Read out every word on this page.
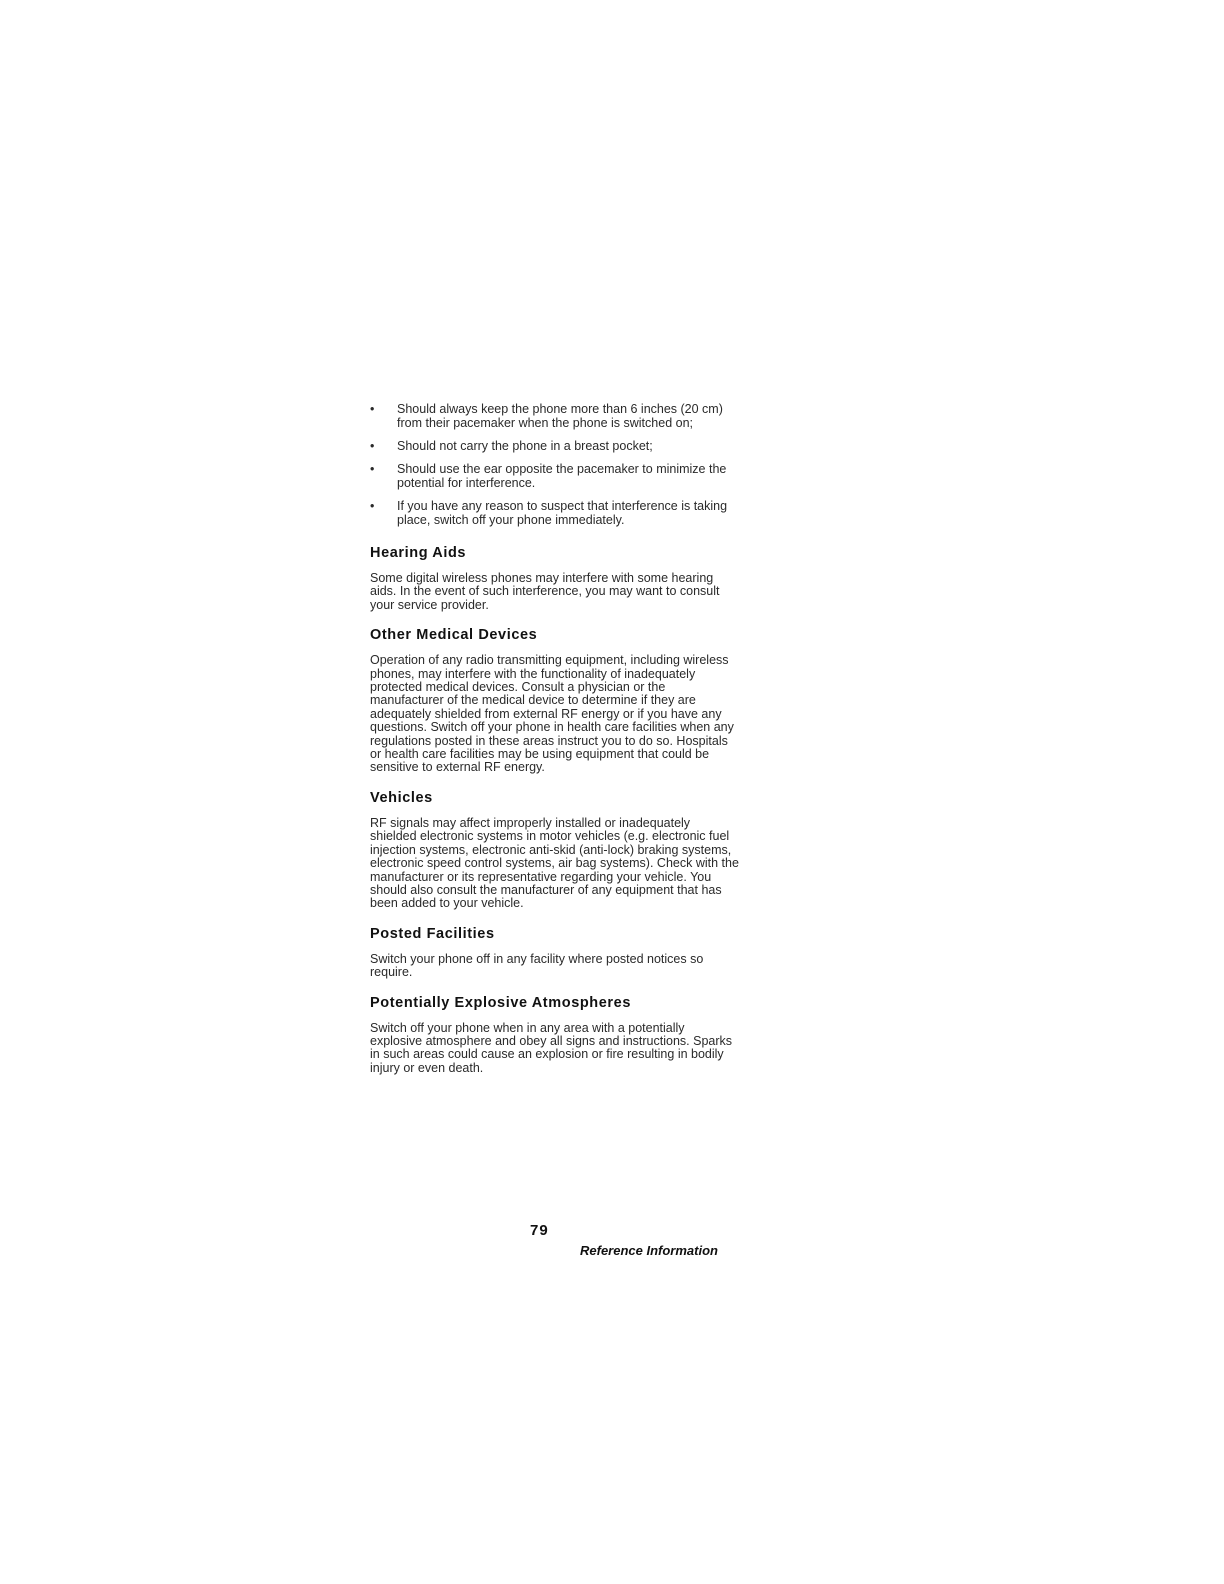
• Should always keep the phone more than 6 inches (20 cm) from their pacemaker when the phone is switched on;
• Should not carry the phone in a breast pocket;
• Should use the ear opposite the pacemaker to minimize the potential for interference.
• If you have any reason to suspect that interference is taking place, switch off your phone immediately.
Hearing Aids

Some digital wireless phones may interfere with some hearing aids. In the event of such interference, you may want to consult your service provider.

Other Medical Devices

Operation of any radio transmitting equipment, including wireless phones, may interfere with the functionality of inadequately protected medical devices. Consult a physician or the manufacturer of the medical device to determine if they are adequately shielded from external RF energy or if you have any questions. Switch off your phone in health care facilities when any regulations posted in these areas instruct you to do so. Hospitals or health care facilities may be using equipment that could be sensitive to external RF energy.

Vehicles

RF signals may affect improperly installed or inadequately shielded electronic systems in motor vehicles (e.g. electronic fuel injection systems, electronic anti-skid (anti-lock) braking systems, electronic speed control systems, air bag systems). Check with the manufacturer or its representative regarding your vehicle. You should also consult the manufacturer of any equipment that has been added to your vehicle.

Posted Facilities

Switch your phone off in any facility where posted notices so require.

Potentially Explosive Atmospheres

Switch off your phone when in any area with a potentially explosive atmosphere and obey all signs and instructions. Sparks in such areas could cause an explosion or fire resulting in bodily injury or even death.

79
Reference Information
